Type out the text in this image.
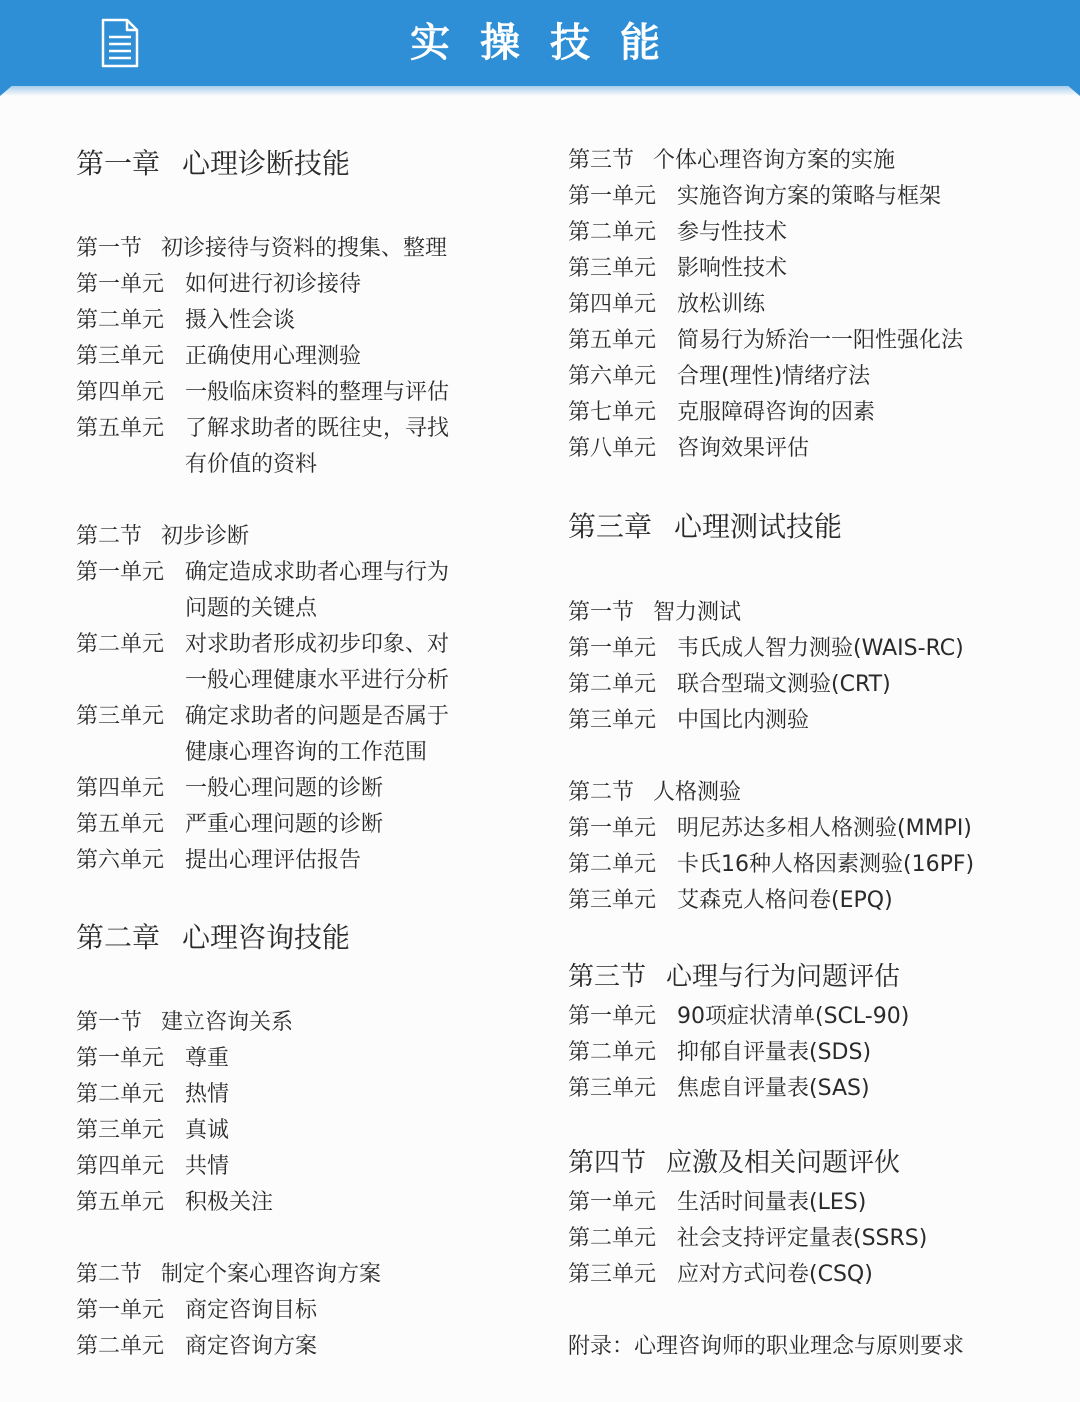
实操技能
第一章 心理诊断技能
第一节 初诊接待与资料的搜集、整理
第一单元 如何进行初诊接待
第二单元 摄入性会谈
第三单元 正确使用心理测验
第四单元 一般临床资料的整理与评估
第五单元 了解求助者的既往史，寻找
有价值的资料
第二节 初步诊断
第一单元 确定造成求助者心理与行为
问题的关键点
第二单元 对求助者形成初步印象、对
一般心理健康水平进行分析
第三单元 确定求助者的问题是否属于
健康心理咨询的工作范围
第四单元 一般心理问题的诊断
第五单元 严重心理问题的诊断
第六单元 提出心理评估报告
第二章 心理咨询技能
第一节 建立咨询关系
第一单元 尊重
第二单元 热情
第三单元 真诚
第四单元 共情
第五单元 积极关注
第二节 制定个案心理咨询方案
第一单元 商定咨询目标
第二单元 商定咨询方案
第三节 个体心理咨询方案的实施
第一单元 实施咨询方案的策略与框架
第二单元 参与性技术
第三单元 影响性技术
第四单元 放松训练
第五单元 简易行为矫治一一阳性强化法
第六单元 合理(理性)情绪疗法
第七单元 克服障碍咨询的因素
第八单元 咨询效果评估
第三章 心理测试技能
第一节 智力测试
第一单元 韦氏成人智力测验(WAIS-RC)
第二单元 联合型瑞文测验(CRT)
第三单元 中国比内测验
第二节 人格测验
第一单元 明尼苏达多相人格测验(MMPI)
第二单元 卡氏16种人格因素测验(16PF)
第三单元 艾森克人格问卷(EPQ)
第三节 心理与行为问题评估
第一单元 90项症状清单(SCL-90)
第二单元 抑郁自评量表(SDS)
第三单元 焦虑自评量表(SAS)
第四节 应激及相关问题评伙
第一单元 生活时间量表(LES)
第二单元 社会支持评定量表(SSRS)
第三单元 应对方式问卷(CSQ)
附录：心理咨询师的职业理念与原则要求
